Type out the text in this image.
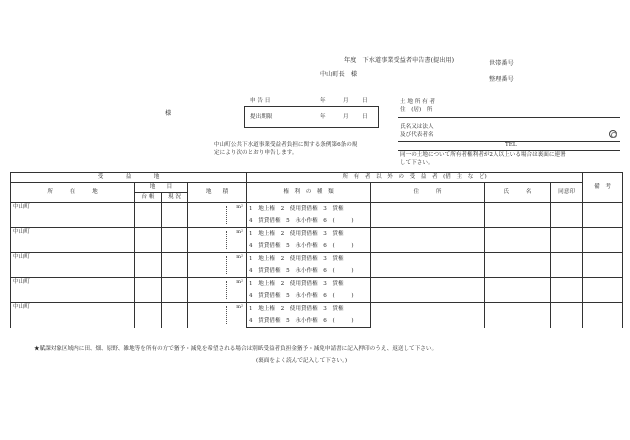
年度　下水道事業受益者申告書(提出用)	世帯番号
整理番号
中山町長　様
様
申 告 日	年	月 日
提出期限	年	月 日
土 地 所 有 者
住　(居)　所
氏名又は法人
及び代表者名
TEL
同一の土地について所有者権利者が2人以上いる場合は裏面に連署
して下さい。
中山町公共下水道事業受益者負担に関する条例第6条の規
定により次のとおり申告します。
受　　　　益　　　　地				所　有　者　以　外　の　受　益　者　(借　主　な　ど)				備　考
所　　　在　　　地	地　　目		地　　積	権　利　の　種　類	住　　　所	氏　　　名	同意印	
	台 帳	現 況						
中山町			m²	1　地上権　2　使用貸借権　3　賃権				
				4　賃貸借権　5　永小作権　6　(　　　)				
中山町			m²	1　地上権　2　使用貸借権　3　賃権				
				4　賃貸借権　5　永小作権　6　(　　　)				
中山町			m²	1　地上権　2　使用貸借権　3　賃権				
				4　賃貸借権　5　永小作権　6　(　　　)				
中山町			m²	1　地上権　2　使用貸借権　3　賃権				
				4　賃貸借権　5　永小作権　6　(　　　)				
中山町			m²	1　地上権　2　使用貸借権　3　賃権				
				4　賃貸借権　5　永小作権　6　(　　　)				
★賦課対象区域内に田、畑、原野、雑地等を所有の方で猶予・減免を希望される場合は別紙受益者負担金猶予・減免申請書に記入押印のうえ、返送して下さい。
(裏面をよく読んで記入して下さい。)
